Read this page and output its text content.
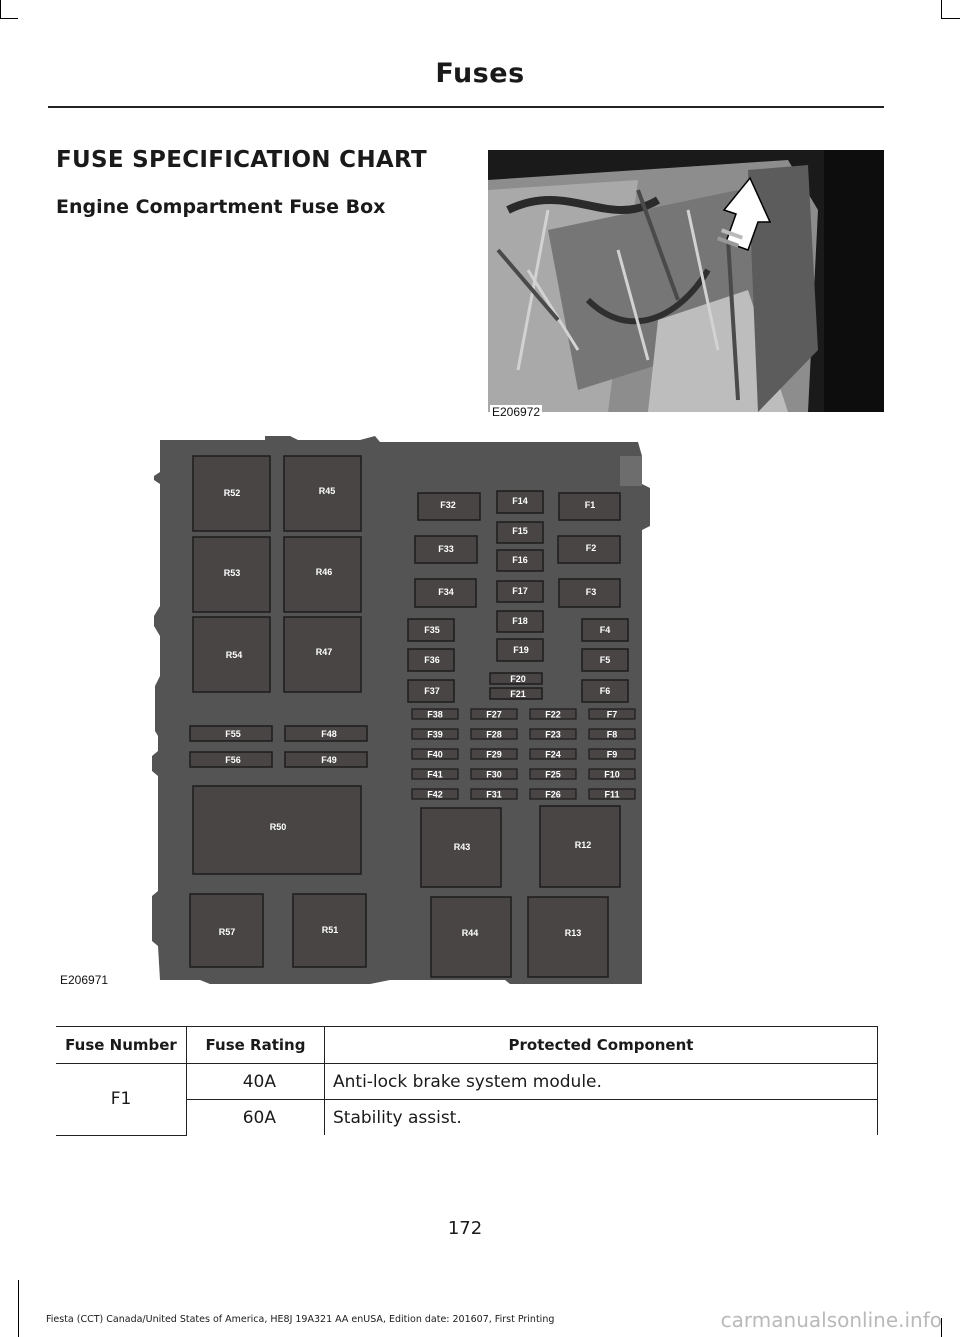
Fuses
FUSE SPECIFICATION CHART
Engine Compartment Fuse Box
E206972
R52	R45
R53	R46
R54	R47
R50
R57	R51
R43	R12
R44	R13
F32	F14	F1
F15
F33	F2
F16
F34	F17	F3
F35
F18
F4
F36
F19
F5
F20
F21
F37	F6
F38	F27	F22	F7
F39	F28	F23	F8
F40	F29	F24	F9
F41	F30	F25	F10
F42	F31	F26	F11
F55	F48
F56	F49
E206971
Fuse Number	Fuse Rating	Protected Component
F1	40A	Anti-lock brake system module.
	60A	Stability assist.
172
Fiesta (CCT) Canada/United States of America, HE8J 19A321 AA enUSA, Edition date: 201607, First Printing	carmanualsonline.info
